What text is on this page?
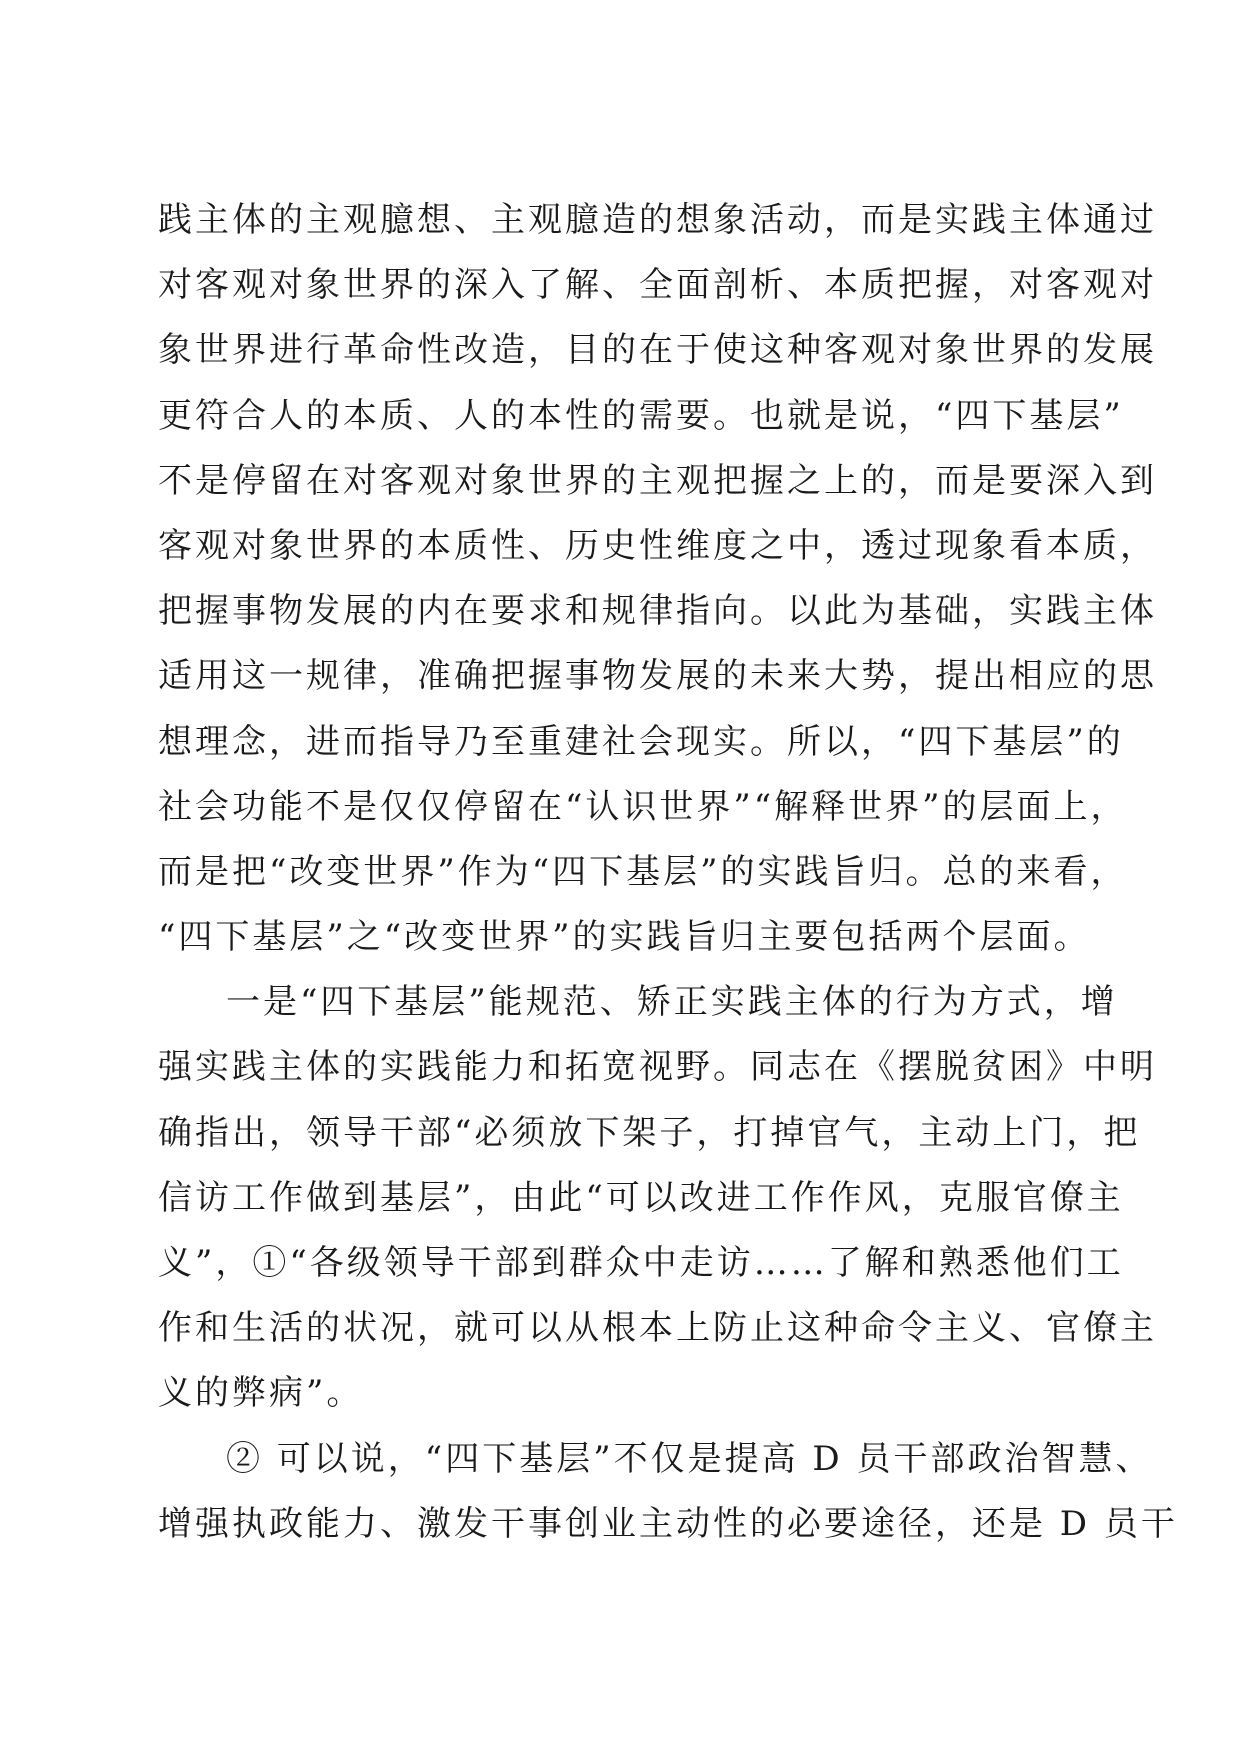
践主体的主观臆想、主观臆造的想象活动，而是实践主体通过
对客观对象世界的深入了解、全面剖析、本质把握，对客观对
象世界进行革命性改造，目的在于使这种客观对象世界的发展
更符合人的本质、人的本性的需要。也就是说，“四下基层”
不是停留在对客观对象世界的主观把握之上的，而是要深入到
客观对象世界的本质性、历史性维度之中，透过现象看本质，
把握事物发展的内在要求和规律指向。以此为基础，实践主体
适用这一规律，准确把握事物发展的未来大势，提出相应的思
想理念，进而指导乃至重建社会现实。所以，“四下基层”的
社会功能不是仅仅停留在“认识世界”“解释世界”的层面上，
而是把“改变世界”作为“四下基层”的实践旨归。总的来看，
“四下基层”之“改变世界”的实践旨归主要包括两个层面。
一是“四下基层”能规范、矫正实践主体的行为方式，增
强实践主体的实践能力和拓宽视野。同志在《摆脱贫困》中明
确指出，领导干部“必须放下架子，打掉官气，主动上门，把
信访工作做到基层”，由此“可以改进工作作风，克服官僚主
义”，①“各级领导干部到群众中走访……了解和熟悉他们工
作和生活的状况，就可以从根本上防止这种命令主义、官僚主
义的弊病”。
② 可以说，“四下基层”不仅是提高 D 员干部政治智慧、
增强执政能力、激发干事创业主动性的必要途径，还是 D 员干
